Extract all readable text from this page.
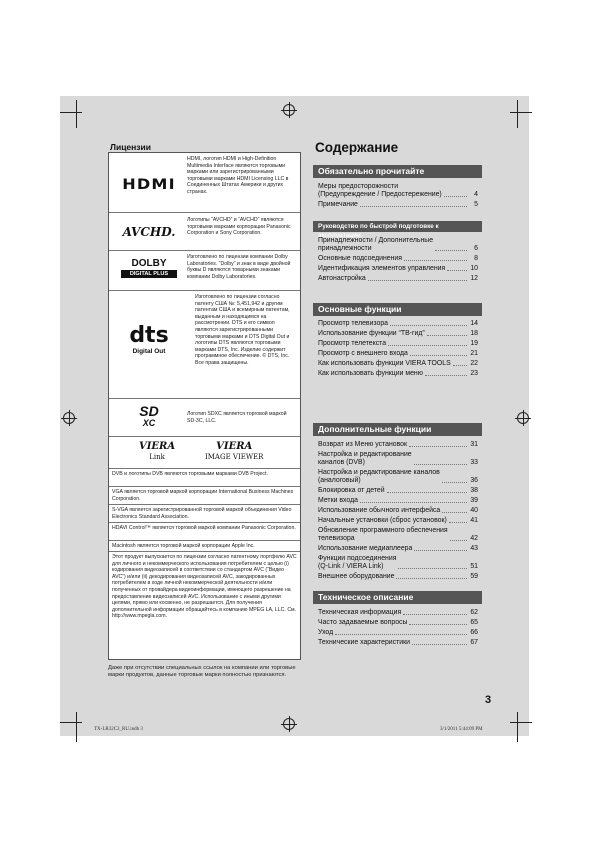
Лицензии
HDMI
HDMI, логотип HDMI и High-Definition Multimedia Interface являются торговыми марками или зарегистрированными торговыми марками HDMI Licensing LLC в Соединенных Штатах Америки и других странах.
AVCHD.
Логотипы “AVCHD” и “AVCHD” являются торговыми марками корпорации Panasonic Corporation и Sony Corporation.
DOLBY
DIGITAL PLUS
Изготовлено по лицензии компании Dolby Laboratories. “Dolby” и знак в виде двойной буквы D являются товарными знаками компании Dolby Laboratories.
dts
Digital Out
Изготовлено по лицензии согласно патенту США №: 5,451,942 и другим патентам США и всемирным патентам, выданным и находящимся на рассмотрении. DTS и его символ являются зарегистрированными торговыми марками и DTS Digital Out и логотипы DTS являются торговыми марками DTS, Inc. Изделие содержит программное обеспечение. © DTS, Inc. Все права защищены.
SD
XC
Логотип SDXC является торговой маркой SD-3C, LLC.
VIERA
Link
VIERA
IMAGE VIEWER
DVB и логотипы DVB являются торговыми марками DVB Project.
VGA является торговой маркой корпорации International Business Machines Corporation.
S-VGA является зарегистрированной торговой маркой объединения Video Electronics Standard Association.
HDAVI Control™ является торговой маркой компании Panasonic Corporation.
Macintosh является торговой маркой корпорации Apple Inc.
Этот продукт выпускается по лицензии согласно патентному портфелю AVC для личного и некоммерческого использования потребителем с целью (i) кодирования видеозаписей в соответствии со стандартом AVC (“Видео AVC”) и/или (ii) декодирования видеозаписей AVC, закодированных потребителем в ходе личной некоммерческой деятельности и/или полученных от провайдера видеоинформации, имеющего разрешение на предоставление видеозаписей AVC. Использование с иными другими целями, прямо или косвенно, не разрешается. Для получения дополнительной информации обращайтесь в компанию MPEG LA, LLC. См. http://www.mpegla.com.
Даже при отсутствии специальных ссылок на компании или торговые марки продуктов, данные торговые марки полностью признаются.
Содержание
Обязательно прочитайте
Меры предосторожности
(Предупреждение / Предостережение)	4
Примечание	5
Руководство по быстрой подготовке к эксплуатации
Принадлежности / Дополнительные
принадлежности	6
Основные подсоединения	8
Идентификация элементов управления	10
Автонастройка	12
Основные функции
Просмотр телевизора	14
Использование функции “ТВ-гид”	18
Просмотр телетекста	19
Просмотр с внешнего входа	21
Как использовать функции VIERA TOOLS	22
Как использовать функции меню	23
Дополнительные функции
Возврат из Меню установок	31
Настройка и редактирование
каналов (DVB)	33
Настройка и редактирование каналов
(аналоговый)	36
Блокировка от детей	38
Метки входа	39
Использование обычного интерфейса	40
Начальные установки (сброс установок)	41
Обновление программного обеспечения
телевизора	42
Использование медиаплеера	43
Функции подсоединения
(Q-Link / VIERA Link)	51
Внешнее оборудование	59
Техническое описание
Техническая информация	62
Часто задаваемые вопросы	65
Уход	66
Технические характеристики	67
3
TX-LR32C3_RU.indb 3	3/1/2011 5:44:09 PM
